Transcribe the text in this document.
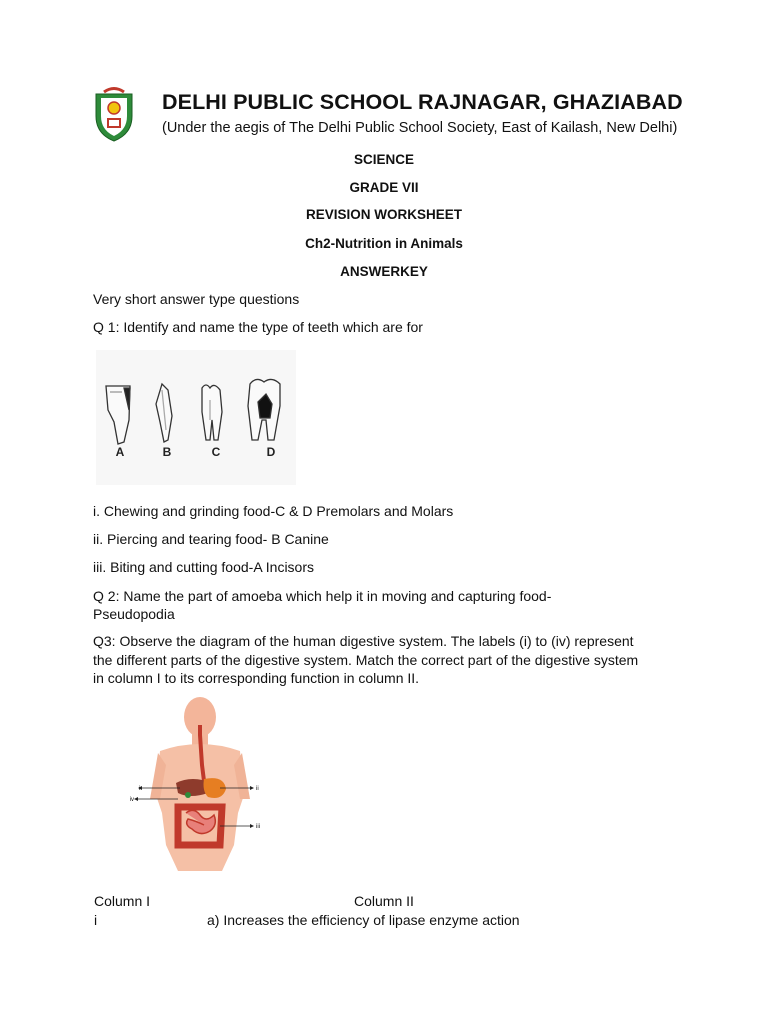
DELHI PUBLIC SCHOOL RAJNAGAR, GHAZIABAD
(Under the aegis of The Delhi Public School Society, East of Kailash, New Delhi)
SCIENCE
GRADE VII
REVISION WORKSHEET
Ch2-Nutrition in Animals
ANSWERKEY
Very short answer type questions
Q 1: Identify and name the type of teeth which are for
A	B	C	D
i. Chewing and grinding food-C & D Premolars and Molars
ii. Piercing and tearing food- B Canine
iii. Biting and cutting food-A Incisors
Q 2: Name the part of amoeba which help it in moving and capturing food-
Pseudopodia
Q3: Observe the diagram of the human digestive system. The labels (i) to (iv) represent
the different parts of the digestive system. Match the correct part of the digestive system
in column I to its corresponding function in column II.
i	ii
iv
iii
Column I	Column II
i	a) Increases the efficiency of lipase enzyme action
